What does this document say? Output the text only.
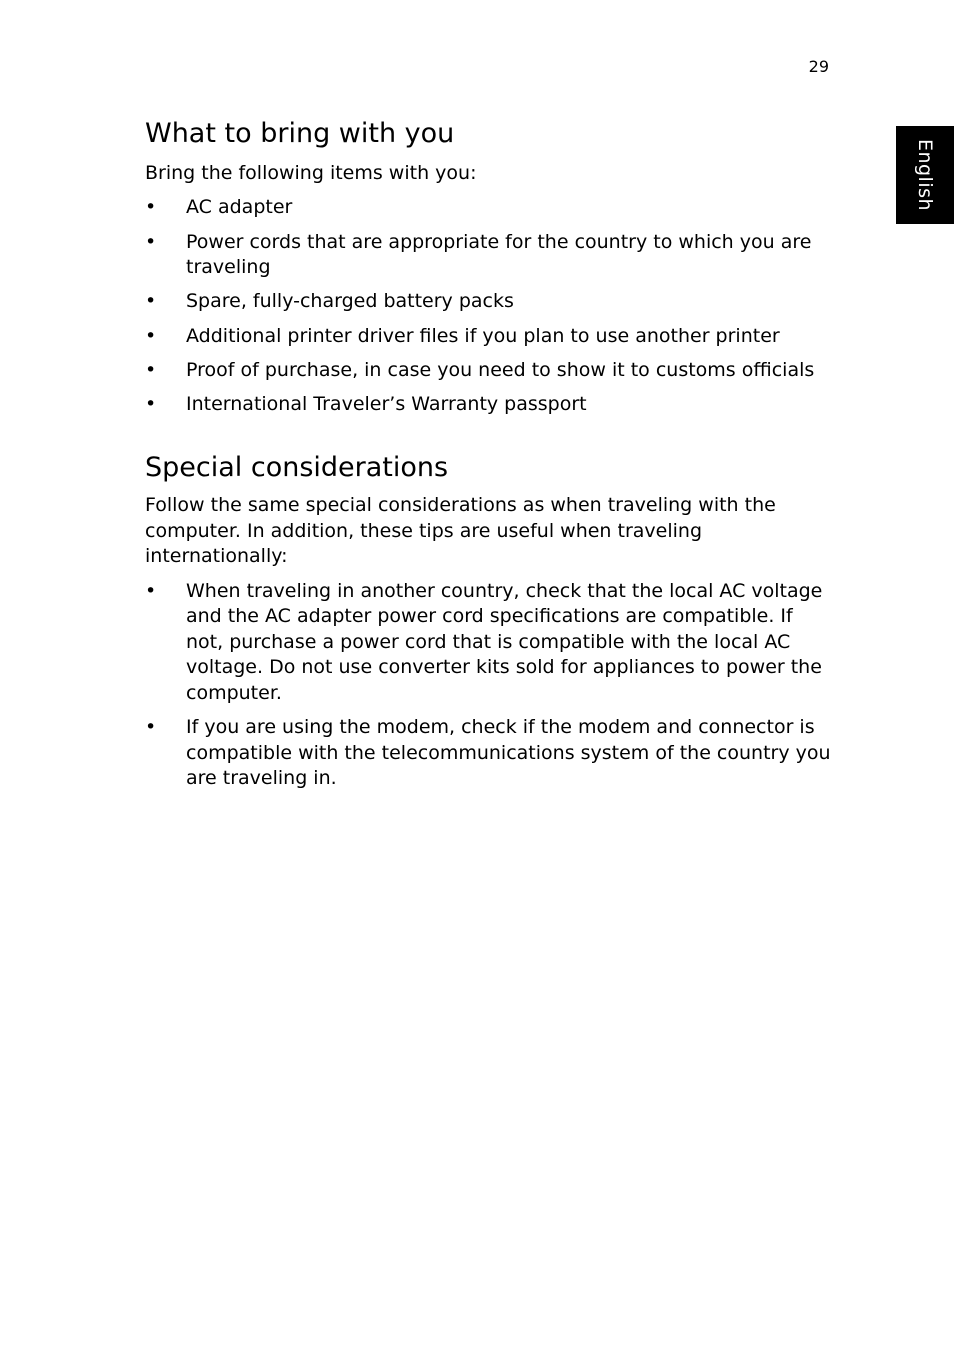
29
English
What to bring with you

Bring the following items with you:

• AC adapter
• Power cords that are appropriate for the country to which you are traveling
• Spare, fully-charged battery packs
• Additional printer driver files if you plan to use another printer
• Proof of purchase, in case you need to show it to customs officials
• International Traveler’s Warranty passport
Special considerations

Follow the same special considerations as when traveling with the computer. In addition, these tips are useful when traveling internationally:

• When traveling in another country, check that the local AC voltage and the AC adapter power cord specifications are compatible. If not, purchase a power cord that is compatible with the local AC voltage. Do not use converter kits sold for appliances to power the computer.
• If you are using the modem, check if the modem and connector is compatible with the telecommunications system of the country you are traveling in.
